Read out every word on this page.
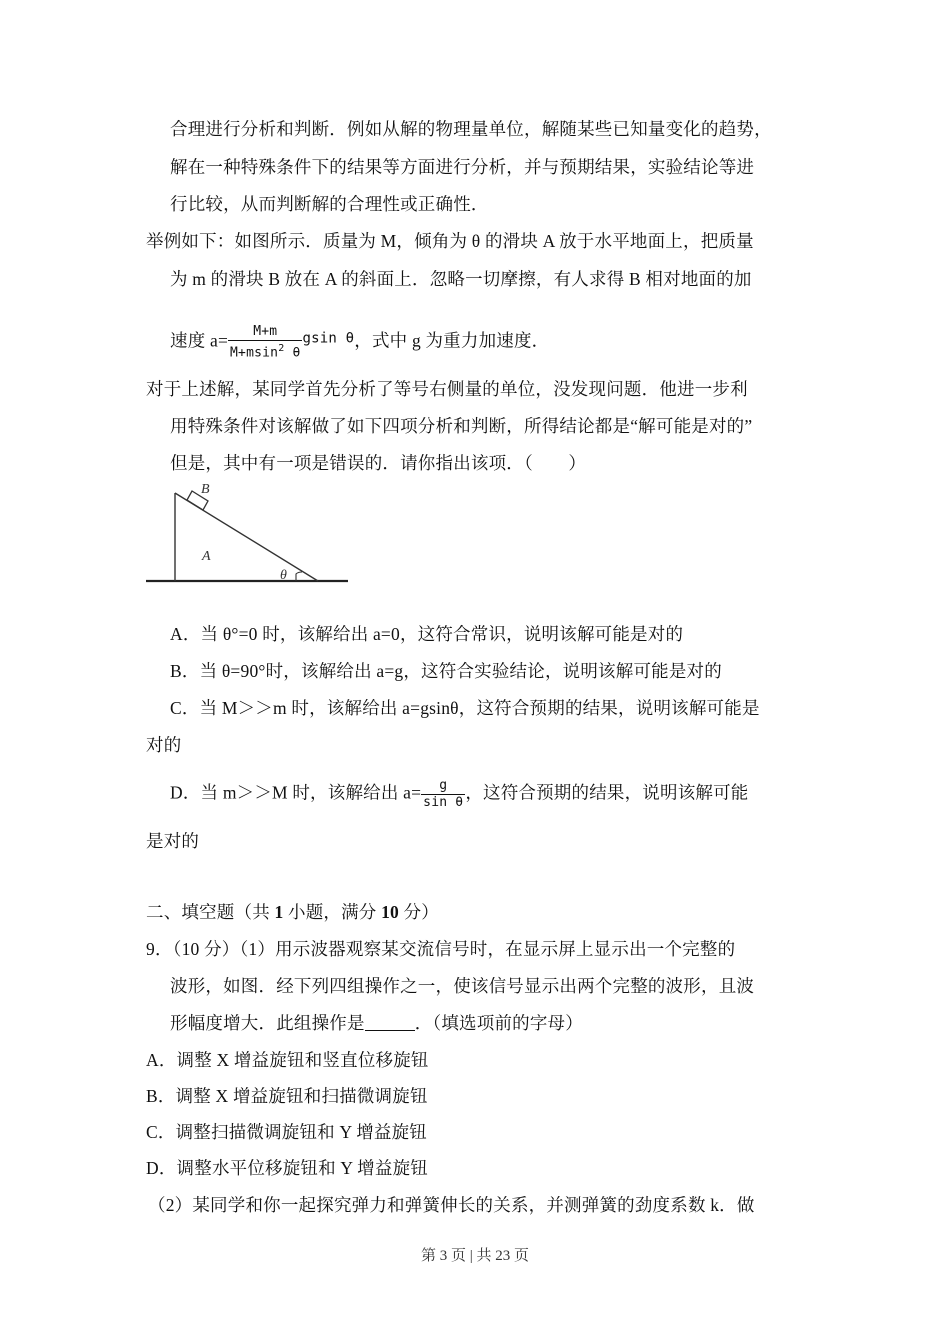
合理进行分析和判断．例如从解的物理量单位，解随某些已知量变化的趋势，
解在一种特殊条件下的结果等方面进行分析，并与预期结果，实验结论等进
行比较，从而判断解的合理性或正确性．
举例如下：如图所示．质量为 M，倾角为 θ 的滑块 A 放于水平地面上，把质量
为 m 的滑块 B 放在 A 的斜面上．忽略一切摩擦，有人求得 B 相对地面的加
速度 $a= \frac{M+m}{M+msin^2 \theta} ^{gsin \theta}$，式中 g 为重力加速度．
对于上述解，某同学首先分析了等号右侧量的单位，没发现问题．他进一步利
用特殊条件对该解做了如下四项分析和判断，所得结论都是“解可能是对的”
但是，其中有一项是错误的．请你指出该项．（　　）
B
A
θ
A．当 θ°=0 时，该解给出 a=0，这符合常识，说明该解可能是对的
B．当 θ=90°时，该解给出 a=g，这符合实验结论，说明该解可能是对的
C．当 M＞＞m 时，该解给出 a=gsinθ，这符合预期的结果，说明该解可能是
对的
D．当 m＞＞M 时，该解给出 $a= \frac{g}{\text{sin θ}}$ ，这符合预期的结果，说明该解可能
是对的
二、填空题（共 1 小题，满分 10 分）
9．（10 分）（1）用示波器观察某交流信号时，在显示屏上显示出一个完整的
波形，如图．经下列四组操作之一，使该信号显示出两个完整的波形，且波
形幅度增大．此组操作是	．（填选项前的字母）
A．调整 X 增益旋钮和竖直位移旋钮
B．调整 X 增益旋钮和扫描微调旋钮
C．调整扫描微调旋钮和 Y 增益旋钮
D．调整水平位移旋钮和 Y 增益旋钮
（2）某同学和你一起探究弹力和弹簧伸长的关系，并测弹簧的劲度系数 k．做
第 3 页 | 共 23 页
